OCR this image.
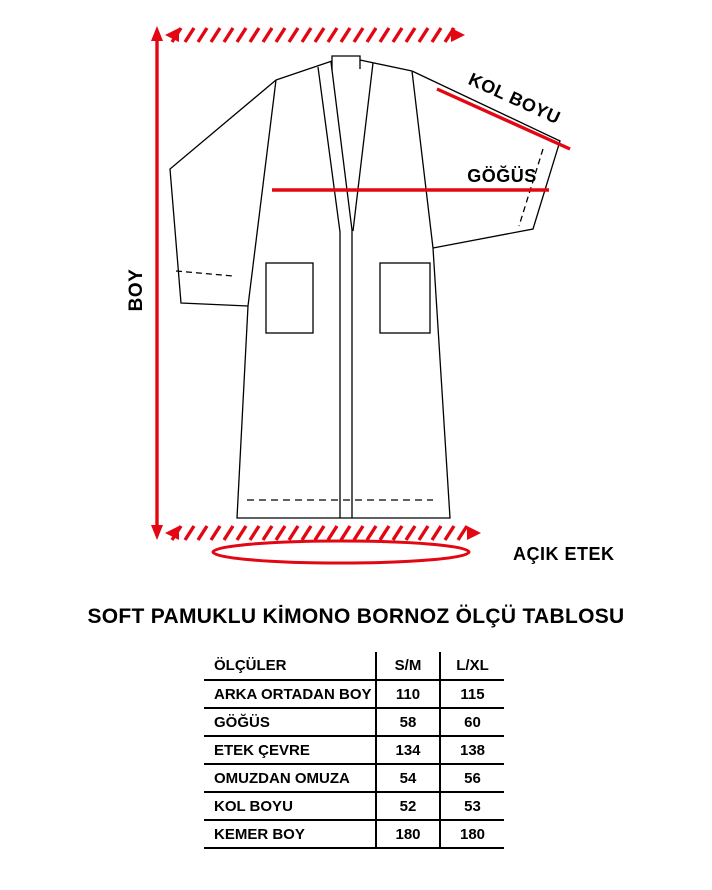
BOY
KOL BOYU
GÖĞÜS
AÇIK ETEK
SOFT PAMUKLU KİMONO BORNOZ ÖLÇÜ TABLOSU
ÖLÇÜLER	S/M	L/XL
ARKA ORTADAN BOY	110	115
GÖĞÜS	58	60
ETEK ÇEVRE	134	138
OMUZDAN OMUZA	54	56
KOL BOYU	52	53
KEMER BOY	180	180
